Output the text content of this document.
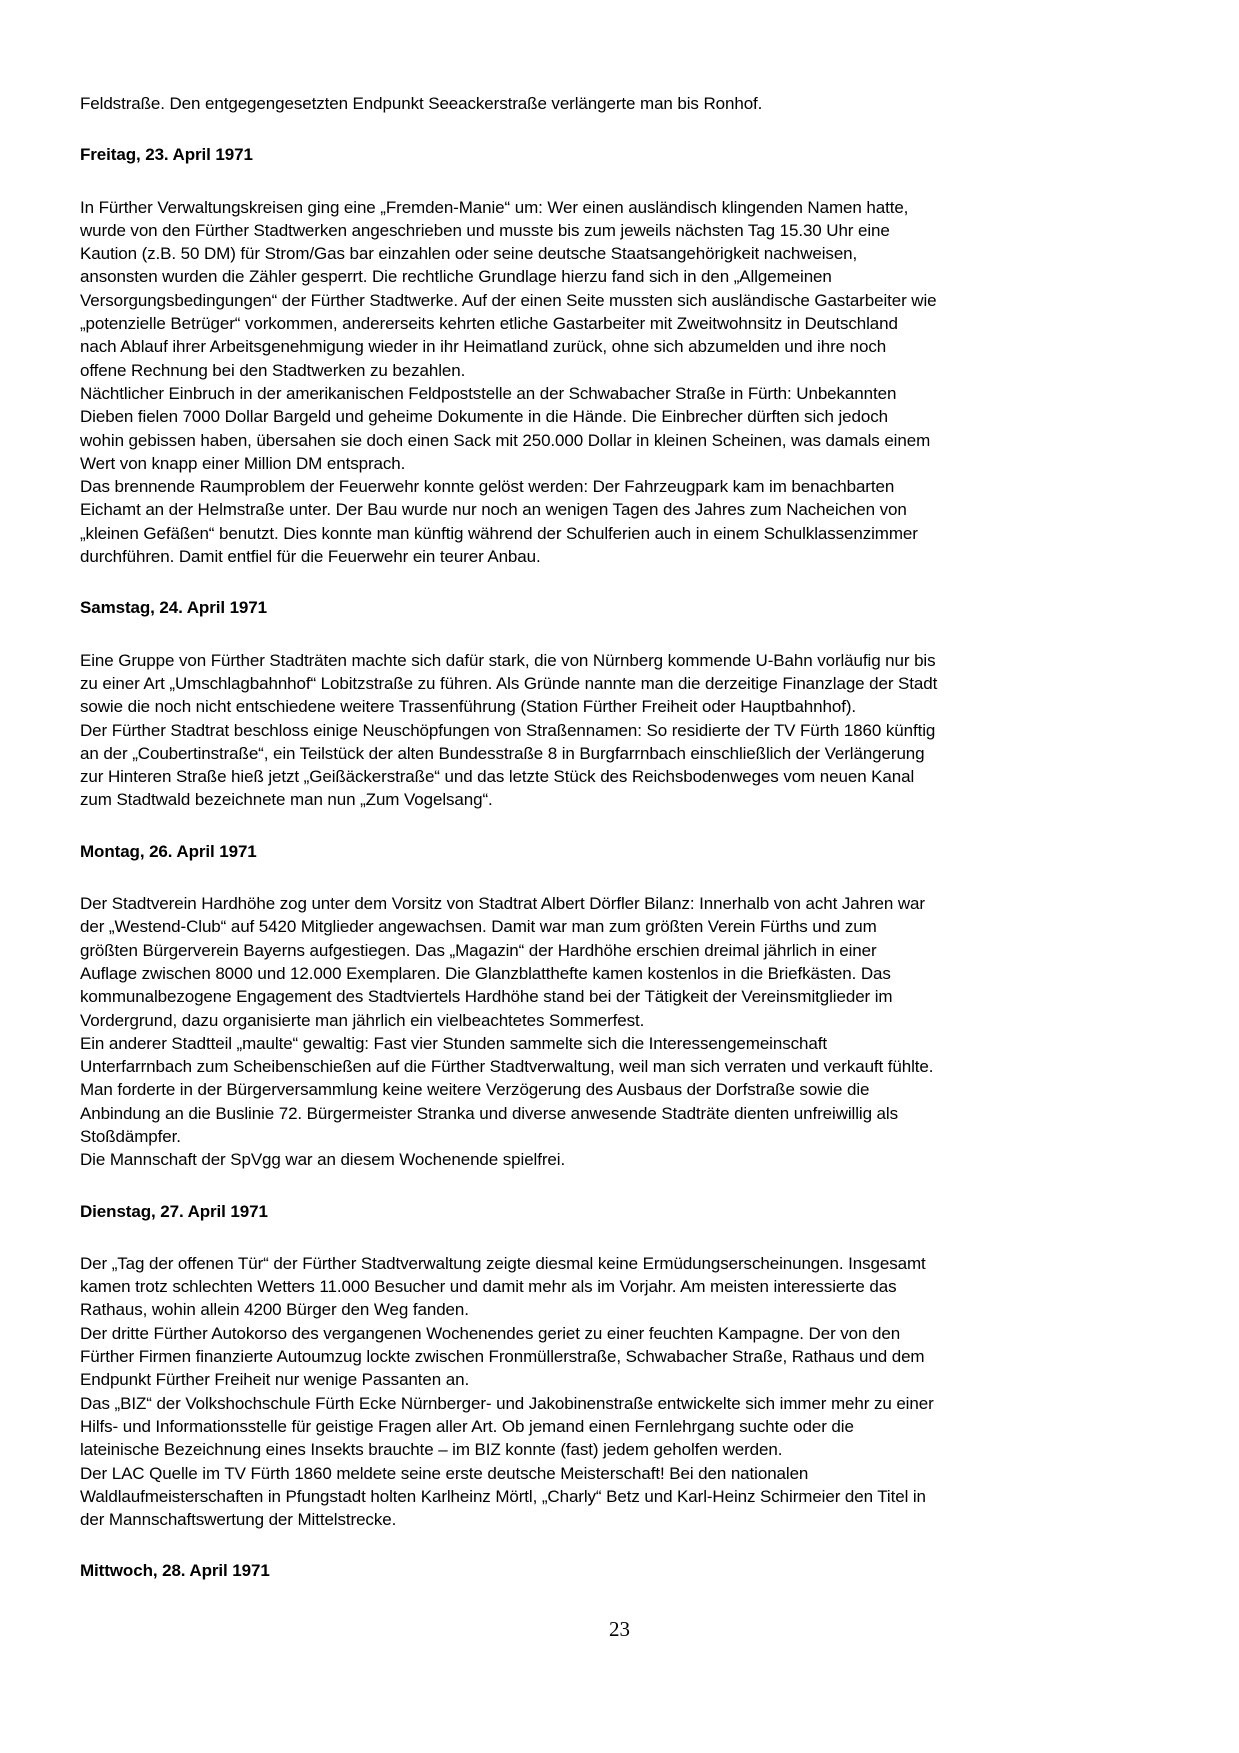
Feldstraße. Den entgegengesetzten Endpunkt Seeackerstraße verlängerte man bis Ronhof.
Freitag, 23. April 1971
In Fürther Verwaltungskreisen ging eine „Fremden-Manie“ um: Wer einen ausländisch klingenden Namen hatte,
wurde von den Fürther Stadtwerken angeschrieben und musste bis zum jeweils nächsten Tag 15.30 Uhr eine
Kaution (z.B. 50 DM) für Strom/Gas bar einzahlen oder seine deutsche Staatsangehörigkeit nachweisen,
ansonsten wurden die Zähler gesperrt. Die rechtliche Grundlage hierzu fand sich in den „Allgemeinen
Versorgungsbedingungen“ der Fürther Stadtwerke. Auf der einen Seite mussten sich ausländische Gastarbeiter wie
„potenzielle Betrüger“ vorkommen, andererseits kehrten etliche Gastarbeiter mit Zweitwohnsitz in Deutschland
nach Ablauf ihrer Arbeitsgenehmigung wieder in ihr Heimatland zurück, ohne sich abzumelden und ihre noch
offene Rechnung bei den Stadtwerken zu bezahlen.
Nächtlicher Einbruch in der amerikanischen Feldpoststelle an der Schwabacher Straße in Fürth: Unbekannten
Dieben fielen 7000 Dollar Bargeld und geheime Dokumente in die Hände. Die Einbrecher dürften sich jedoch
wohin gebissen haben, übersahen sie doch einen Sack mit 250.000 Dollar in kleinen Scheinen, was damals einem
Wert von knapp einer Million DM entsprach.
Das brennende Raumproblem der Feuerwehr konnte gelöst werden: Der Fahrzeugpark kam im benachbarten
Eichamt an der Helmstraße unter. Der Bau wurde nur noch an wenigen Tagen des Jahres zum Nacheichen von
„kleinen Gefäßen“ benutzt. Dies konnte man künftig während der Schulferien auch in einem Schulklassenzimmer
durchführen. Damit entfiel für die Feuerwehr ein teurer Anbau.
Samstag, 24. April 1971
Eine Gruppe von Fürther Stadträten machte sich dafür stark, die von Nürnberg kommende U-Bahn vorläufig nur bis
zu einer Art „Umschlagbahnhof“ Lobitzstraße zu führen. Als Gründe nannte man die derzeitige Finanzlage der Stadt
sowie die noch nicht entschiedene weitere Trassenführung (Station Fürther Freiheit oder Hauptbahnhof).
Der Fürther Stadtrat beschloss einige Neuschöpfungen von Straßennamen: So residierte der TV Fürth 1860 künftig
an der „Coubertinstraße“, ein Teilstück der alten Bundesstraße 8 in Burgfarrnbach einschließlich der Verlängerung
zur Hinteren Straße hieß jetzt „Geißäckerstraße“ und das letzte Stück des Reichsbodenweges vom neuen Kanal
zum Stadtwald bezeichnete man nun „Zum Vogelsang“.
Montag, 26. April 1971
Der Stadtverein Hardhöhe zog unter dem Vorsitz von Stadtrat Albert Dörfler Bilanz: Innerhalb von acht Jahren war
der „Westend-Club“ auf 5420 Mitglieder angewachsen. Damit war man zum größten Verein Fürths und zum
größten Bürgerverein Bayerns aufgestiegen. Das „Magazin“ der Hardhöhe erschien dreimal jährlich in einer
Auflage zwischen 8000 und 12.000 Exemplaren. Die Glanzblatthefte kamen kostenlos in die Briefkästen. Das
kommunalbezogene Engagement des Stadtviertels Hardhöhe stand bei der Tätigkeit der Vereinsmitglieder im
Vordergrund, dazu organisierte man jährlich ein vielbeachtetes Sommerfest.
Ein anderer Stadtteil „maulte“ gewaltig: Fast vier Stunden sammelte sich die Interessengemeinschaft
Unterfarrnbach zum Scheibenschießen auf die Fürther Stadtverwaltung, weil man sich verraten und verkauft fühlte.
Man forderte in der Bürgerversammlung keine weitere Verzögerung des Ausbaus der Dorfstraße sowie die
Anbindung an die Buslinie 72. Bürgermeister Stranka und diverse anwesende Stadträte dienten unfreiwillig als
Stoßdämpfer.
Die Mannschaft der SpVgg war an diesem Wochenende spielfrei.
Dienstag, 27. April 1971
Der „Tag der offenen Tür“ der Fürther Stadtverwaltung zeigte diesmal keine Ermüdungserscheinungen. Insgesamt
kamen trotz schlechten Wetters 11.000 Besucher und damit mehr als im Vorjahr. Am meisten interessierte das
Rathaus, wohin allein 4200 Bürger den Weg fanden.
Der dritte Fürther Autokorso des vergangenen Wochenendes geriet zu einer feuchten Kampagne. Der von den
Fürther Firmen finanzierte Autoumzug lockte zwischen Fronmüllerstraße, Schwabacher Straße, Rathaus und dem
Endpunkt Fürther Freiheit nur wenige Passanten an.
Das „BIZ“ der Volkshochschule Fürth Ecke Nürnberger- und Jakobinenstraße entwickelte sich immer mehr zu einer
Hilfs- und Informationsstelle für geistige Fragen aller Art. Ob jemand einen Fernlehrgang suchte oder die
lateinische Bezeichnung eines Insekts brauchte – im BIZ konnte (fast) jedem geholfen werden.
Der LAC Quelle im TV Fürth 1860 meldete seine erste deutsche Meisterschaft! Bei den nationalen
Waldlaufmeisterschaften in Pfungstadt holten Karlheinz Mörtl, „Charly“ Betz und Karl-Heinz Schirmeier den Titel in
der Mannschaftswertung der Mittelstrecke.
Mittwoch, 28. April 1971
23
